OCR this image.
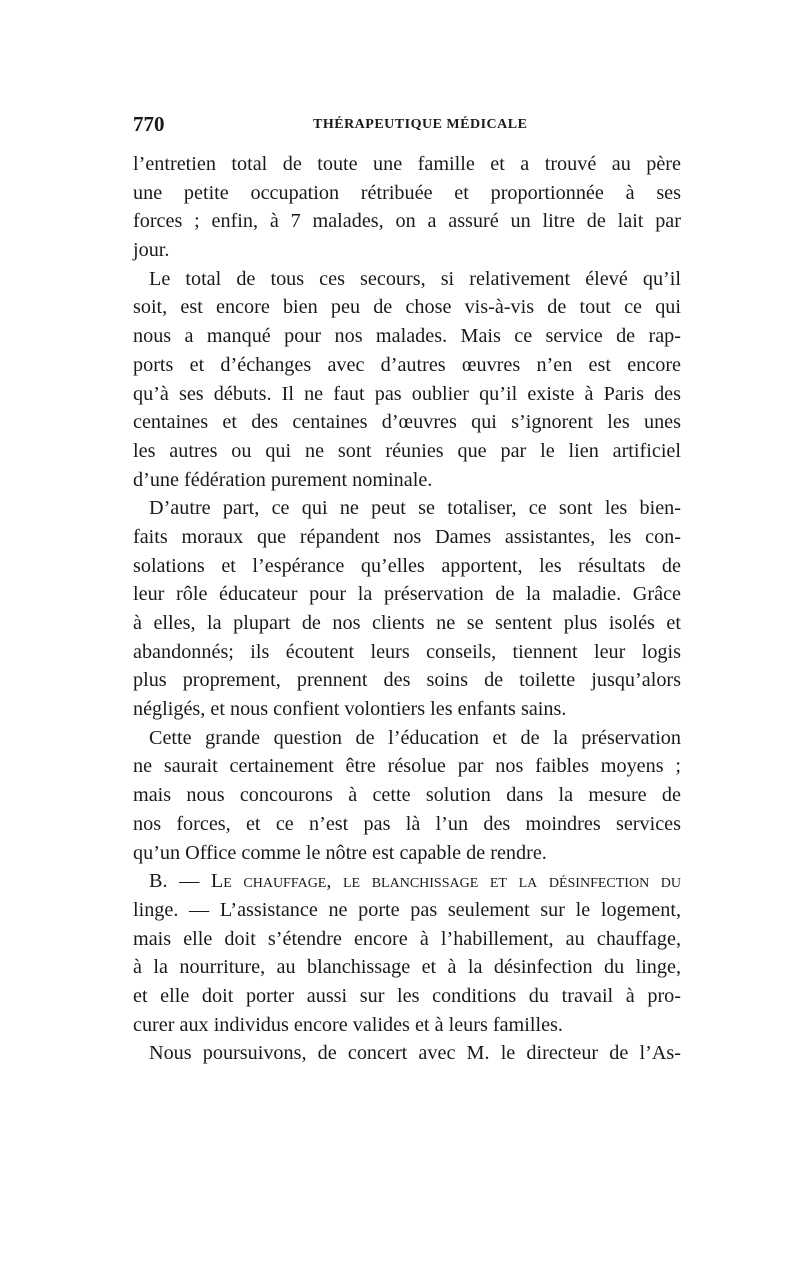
770	THÉRAPEUTIQUE MÉDICALE
l’entretien total de toute une famille et a trouvé au père
une petite occupation rétribuée et proportionnée à ses
forces ; enfin, à 7 malades, on a assuré un litre de lait par
jour.
Le total de tous ces secours, si relativement élevé qu’il
soit, est encore bien peu de chose vis-à-vis de tout ce qui
nous a manqué pour nos malades. Mais ce service de rap-
ports et d’échanges avec d’autres œuvres n’en est encore
qu’à ses débuts. Il ne faut pas oublier qu’il existe à Paris des
centaines et des centaines d’œuvres qui s’ignorent les unes
les autres ou qui ne sont réunies que par le lien artificiel
d’une fédération purement nominale.
D’autre part, ce qui ne peut se totaliser, ce sont les bien-
faits moraux que répandent nos Dames assistantes, les con-
solations et l’espérance qu’elles apportent, les résultats de
leur rôle éducateur pour la préservation de la maladie. Grâce
à elles, la plupart de nos clients ne se sentent plus isolés et
abandonnés; ils écoutent leurs conseils, tiennent leur logis
plus proprement, prennent des soins de toilette jusqu’alors
négligés, et nous confient volontiers les enfants sains.
Cette grande question de l’éducation et de la préservation
ne saurait certainement être résolue par nos faibles moyens ;
mais nous concourons à cette solution dans la mesure de
nos forces, et ce n’est pas là l’un des moindres services
qu’un Office comme le nôtre est capable de rendre.
B. — Le chauffage, le blanchissage et la désinfection du
linge. — L’assistance ne porte pas seulement sur le logement,
mais elle doit s’étendre encore à l’habillement, au chauffage,
à la nourriture, au blanchissage et à la désinfection du linge,
et elle doit porter aussi sur les conditions du travail à pro-
curer aux individus encore valides et à leurs familles.
Nous poursuivons, de concert avec M. le directeur de l’As-
